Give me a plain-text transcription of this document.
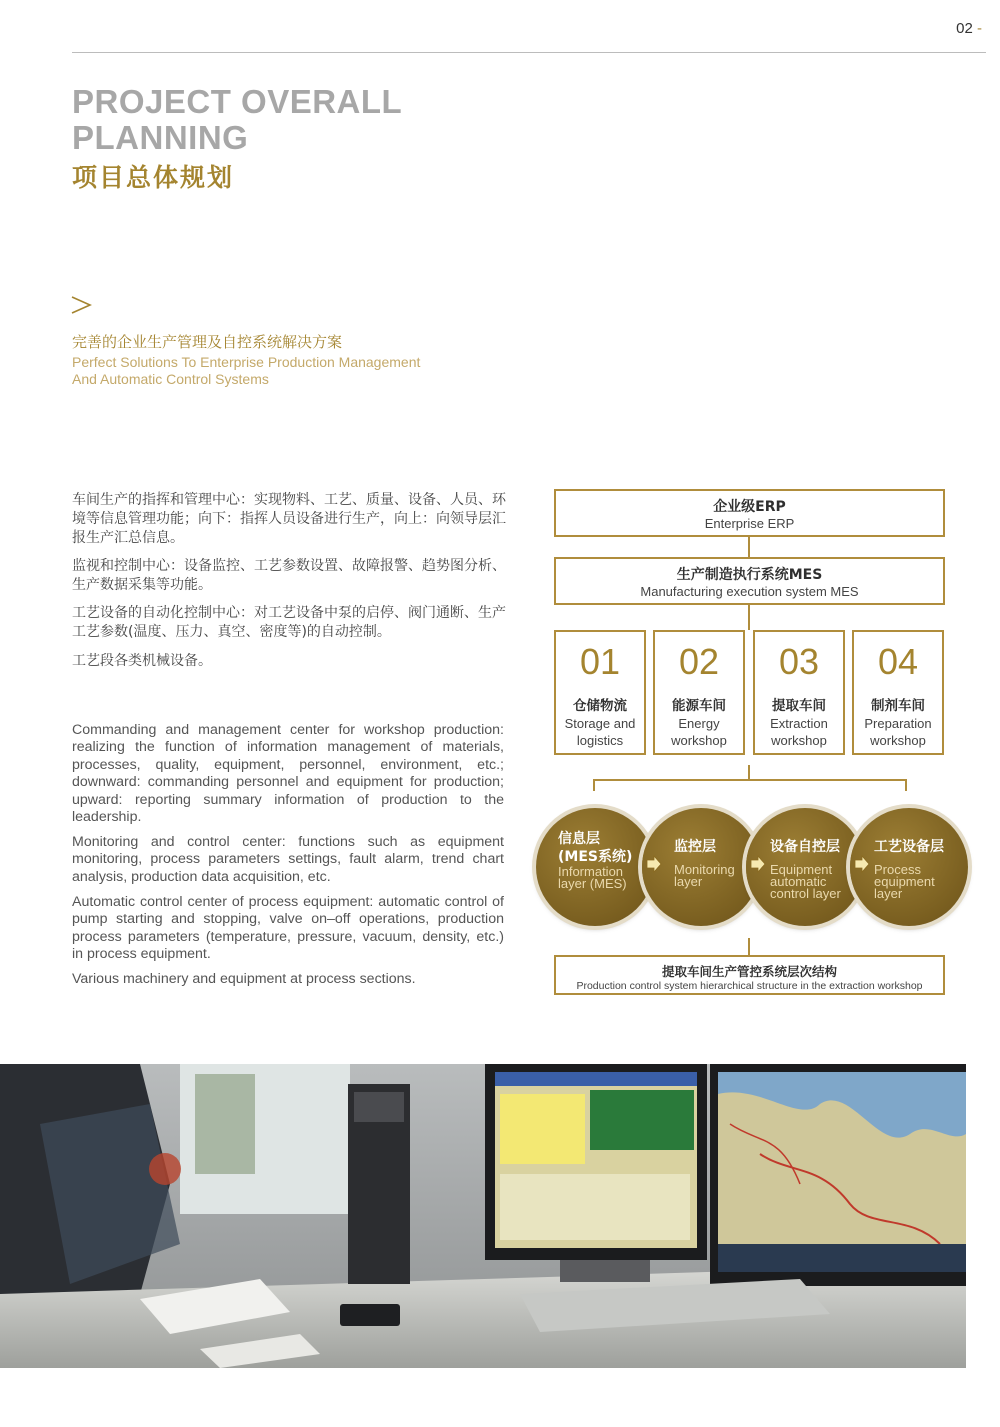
02 -
PROJECT OVERALL
PLANNING
项目总体规划
完善的企业生产管理及自控系统解决方案
Perfect Solutions To Enterprise Production Management
And Automatic Control Systems
车间生产的指挥和管理中心：实现物料、工艺、质量、设备、人员、环境等信息管理功能；向下：指挥人员设备进行生产，向上：向领导层汇报生产汇总信息。
监视和控制中心：设备监控、工艺参数设置、故障报警、趋势图分析、生产数据采集等功能。
工艺设备的自动化控制中心：对工艺设备中泵的启停、阀门通断、生产工艺参数(温度、压力、真空、密度等)的自动控制。
工艺段各类机械设备。
Commanding and management center for workshop production: realizing the function of information management of materials, processes, quality, equipment, personnel, environment, etc.; downward: commanding personnel and equipment for production; upward: reporting summary information of production to the leadership.
Monitoring and control center: functions such as equipment monitoring, process parameters settings, fault alarm, trend chart analysis, production data acquisition, etc.
Automatic control center of process equipment: automatic control of pump starting and stopping, valve on–off operations, production process parameters (temperature, pressure, vacuum, density, etc.) in process equipment.
Various machinery and equipment at process sections.
企业级ERP
Enterprise ERP
生产制造执行系统MES
Manufacturing execution system MES
01
仓储物流
Storage and
logistics
02
能源车间
Energy
workshop
03
提取车间
Extraction
workshop
04
制剂车间
Preparation
workshop
信息层
(MES系统)
Information
layer (MES)
监控层
Monitoring
layer
设备自控层
Equipment
automatic
control layer
工艺设备层
Process
equipment
layer
提取车间生产管控系统层次结构
Production control system hierarchical structure in the extraction workshop
